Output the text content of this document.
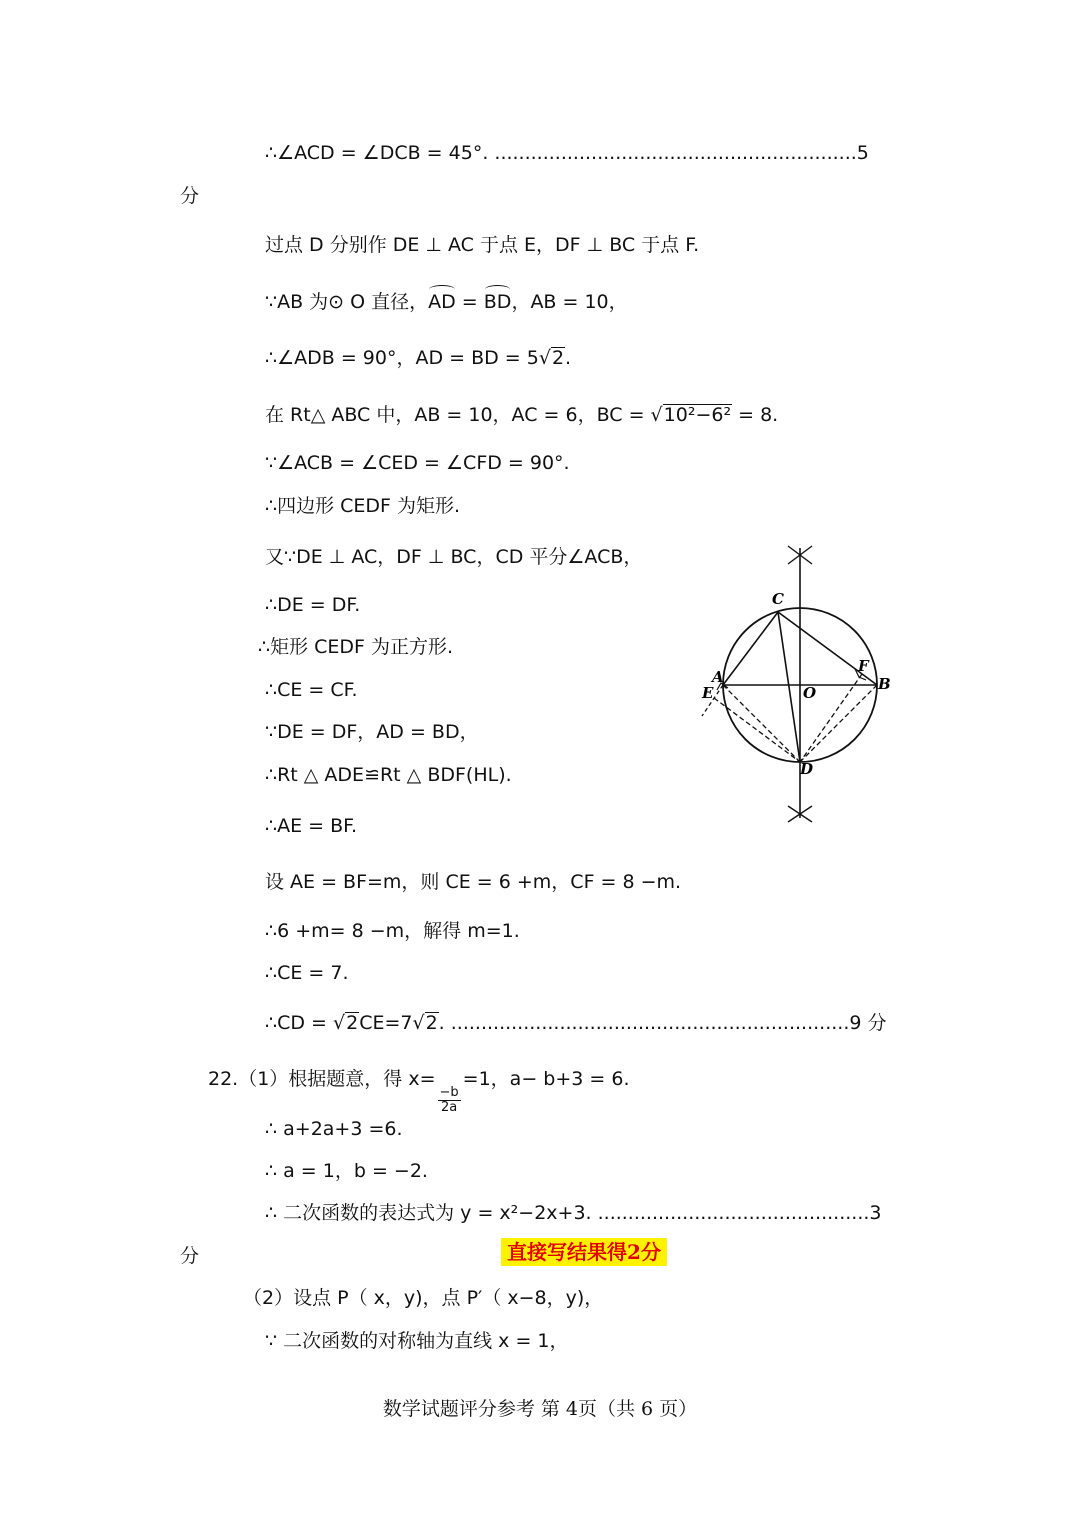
∴∠ACD = ∠DCB = 45°. ............................................................5
分
过点 D 分别作 DE ⊥ AC 于点 E，DF ⊥ BC 于点 F.
∵AB 为⊙ O 直径，AD = BD，AB = 10，
∴∠ADB = 90°，AD = BD = 5√2.
在 Rt△ ABC 中，AB = 10，AC = 6，BC = √10²−6² = 8.
∵∠ACB = ∠CED = ∠CFD = 90°.
∴四边形 CEDF 为矩形.
又∵DE ⊥ AC，DF ⊥ BC，CD 平分∠ACB，
∴DE = DF.
∴矩形 CEDF 为正方形.
∴CE = CF.
∵DE = DF，AD = BD，
∴Rt △ ADE≌Rt △ BDF(HL).
∴AE = BF.
设 AE = BF=m，则 CE = 6 +m，CF = 8 −m.
∴6 +m= 8 −m，解得 m=1.
∴CE = 7.
∴CD = √2CE=7√2. ..................................................................9 分
22.（1）根据题意，得 x=
$\frac{-b}{2a}$
=1，a− b+3 = 6.
∴ a+2a+3 =6.
∴ a = 1，b = −2.
∴ 二次函数的表达式为 y = x²−2x+3. .............................................3
分	直接写结果得2分
（2）设点 P（ x，y)，点 P′（ x−8，y)，
∵ 二次函数的对称轴为直线 x = 1，
C
A
E	O
F
B
D
数学试题评分参考 第 4页（共 6 页）
